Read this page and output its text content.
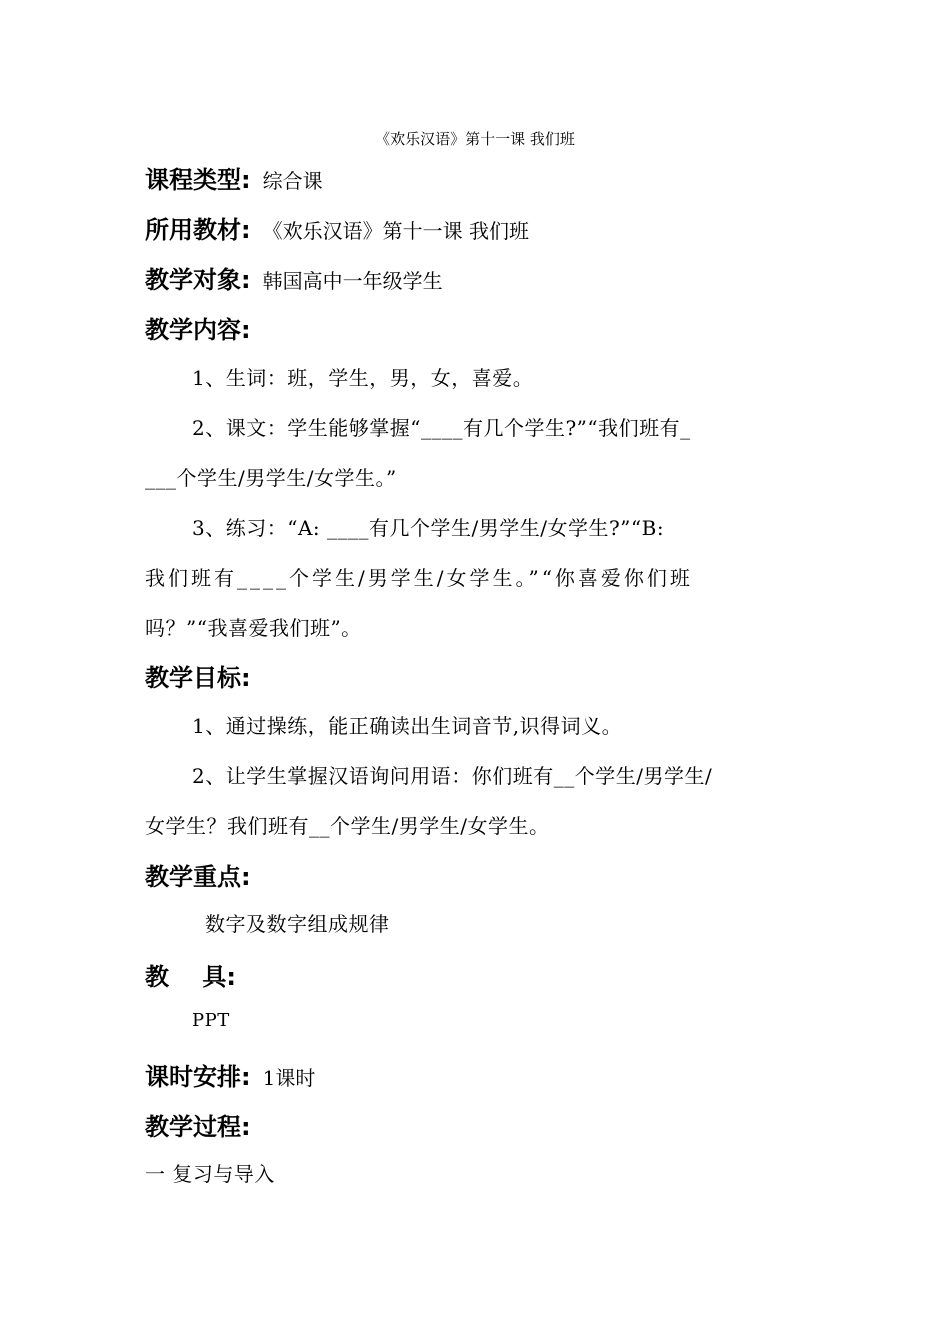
《欢乐汉语》第十一课 我们班
课程类型: 综合课
所用教材: 《欢乐汉语》第十一课 我们班
教学对象: 韩国高中一年级学生
教学内容:
1、生词：班，学生，男，女，喜爱。
2、课文：学生能够掌握“____有几个学生?”“我们班有_
___个学生/男学生/女学生。”
3、练习：“A: ____有几个学生/男学生/女学生?”“B:
我们班有____个学生/男学生/女学生。”“你喜爱你们班
吗？”“我喜爱我们班”。
教学目标:
1、通过操练，能正确读出生词音节,识得词义。
2、让学生掌握汉语询问用语：你们班有__个学生/男学生/
女学生？我们班有__个学生/男学生/女学生。
教学重点:
数字及数字组成规律
教    具:
PPT
课时安排: 1课时
教学过程:
一 复习与导入
